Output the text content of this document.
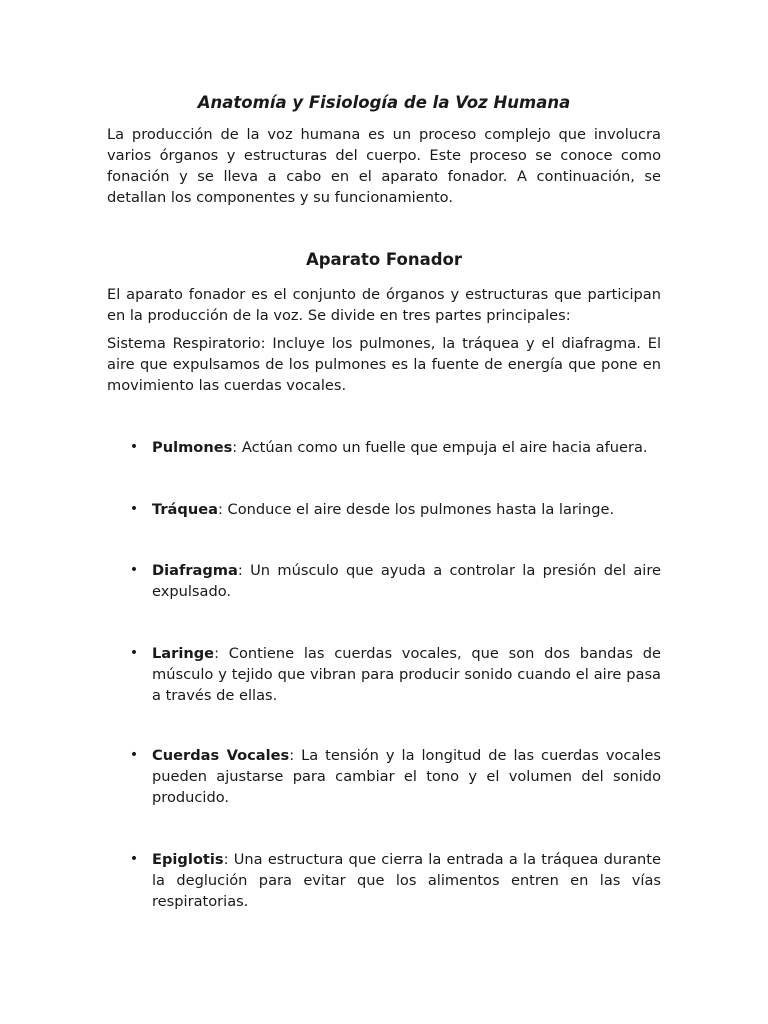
Anatomía y Fisiología de la Voz Humana

La producción de la voz humana es un proceso complejo que involucra varios órganos y estructuras del cuerpo. Este proceso se conoce como fonación y se lleva a cabo en el aparato fonador. A continuación, se detallan los componentes y su funcionamiento.

Aparato Fonador

El aparato fonador es el conjunto de órganos y estructuras que participan en la producción de la voz. Se divide en tres partes principales:

Sistema Respiratorio: Incluye los pulmones, la tráquea y el diafragma. El aire que expulsamos de los pulmones es la fuente de energía que pone en movimiento las cuerdas vocales.

• Pulmones: Actúan como un fuelle que empuja el aire hacia afuera.

• Tráquea: Conduce el aire desde los pulmones hasta la laringe.

• Diafragma: Un músculo que ayuda a controlar la presión del aire expulsado.

• Laringe: Contiene las cuerdas vocales, que son dos bandas de músculo y tejido que vibran para producir sonido cuando el aire pasa a través de ellas.

• Cuerdas Vocales: La tensión y la longitud de las cuerdas vocales pueden ajustarse para cambiar el tono y el volumen del sonido producido.

• Epiglotis: Una estructura que cierra la entrada a la tráquea durante la deglución para evitar que los alimentos entren en las vías respiratorias.
